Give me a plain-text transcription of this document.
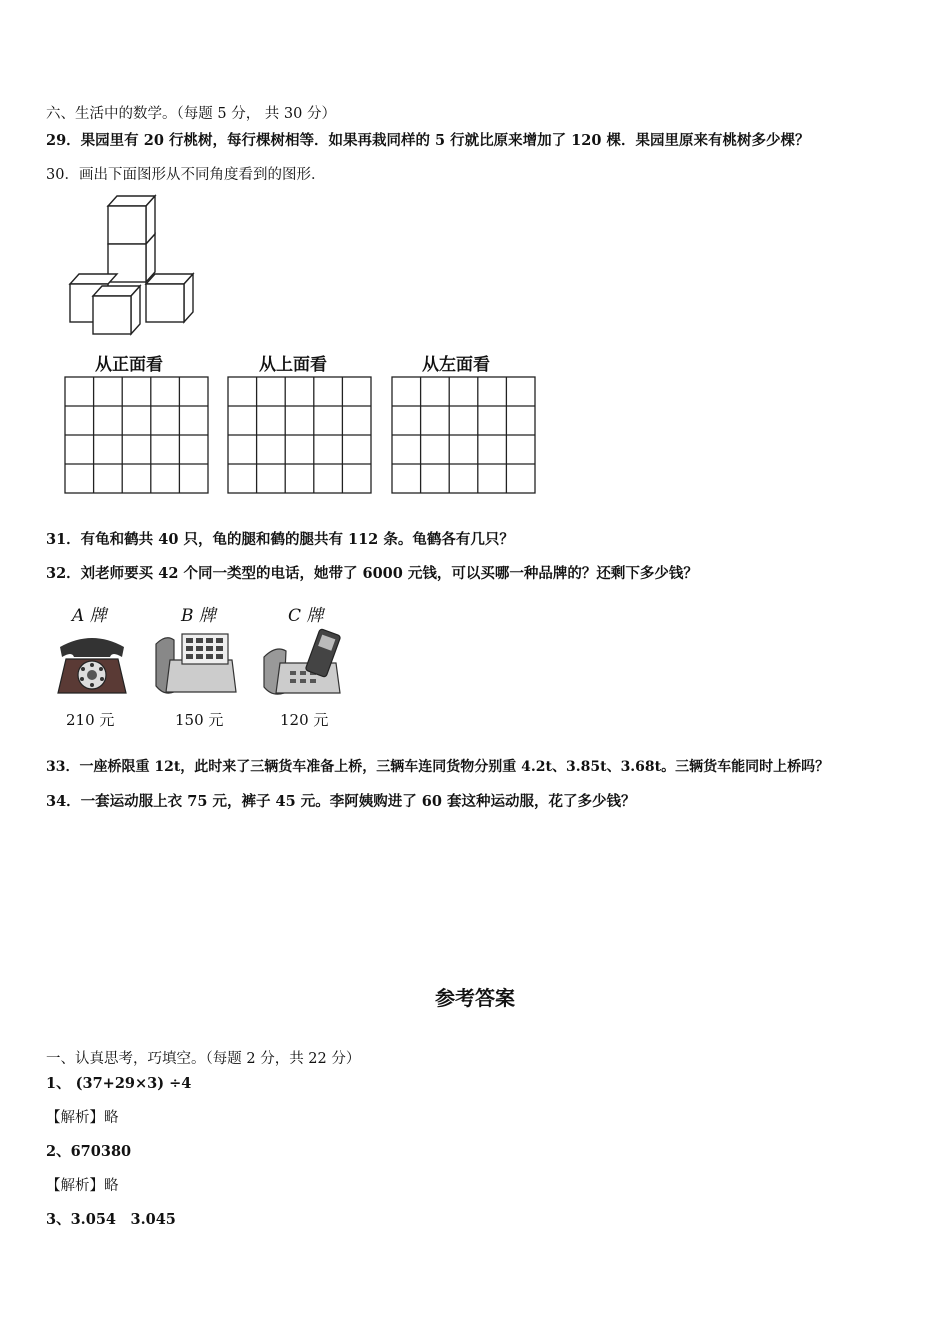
六、生活中的数学。（每题 5 分， 共 30 分）
29．果园里有 20 行桃树，每行棵树相等．如果再栽同样的 5 行就比原来增加了 120 棵．果园里原来有桃树多少棵？
30．画出下面图形从不同角度看到的图形．
从正面看	从上面看	从左面看
31．有龟和鹤共 40 只，龟的腿和鹤的腿共有 112 条。龟鹤各有几只？
32．刘老师要买 42 个同一类型的电话，她带了 6000 元钱，可以买哪一种品牌的？还剩下多少钱？
A 牌	B 牌	C 牌
210 元	150 元	120 元
33．一座桥限重 12t，此时来了三辆货车准备上桥，三辆车连同货物分别重 4.2t、3.85t、3.68t。三辆货车能同时上桥吗？
34．一套运动服上衣 75 元，裤子 45 元。李阿姨购进了 60 套这种运动服，花了多少钱？
参考答案
一、认真思考，巧填空。（每题 2 分，共 22 分）
1、 (37+29×3) ÷4
【解析】略
2、670380
【解析】略
3、3.054　3.045
